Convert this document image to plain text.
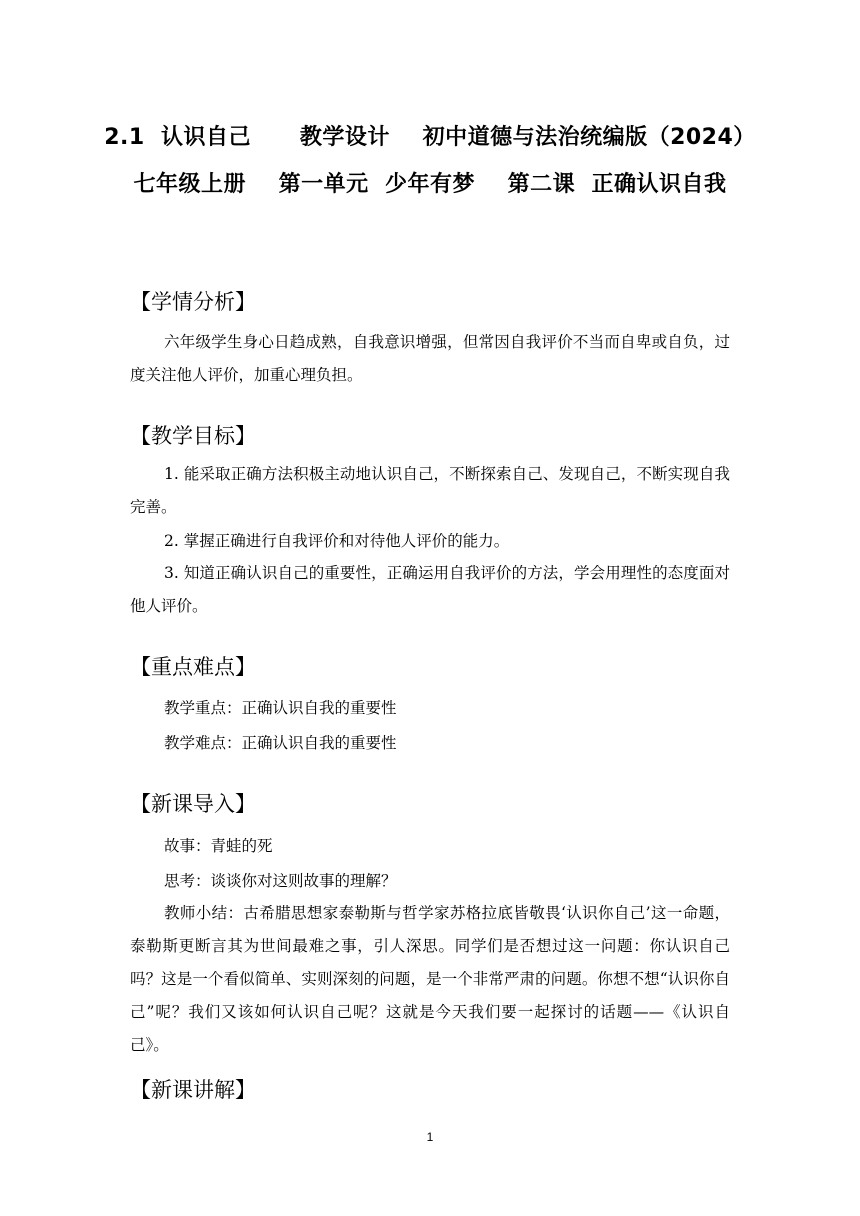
2.1  认识自己      教学设计    初中道德与法治统编版（2024）
七年级上册    第一单元  少年有梦    第二课  正确认识自我
【学情分析】
六年级学生身心日趋成熟，自我意识增强，但常因自我评价不当而自卑或自负，过度关注他人评价，加重心理负担。
【教学目标】
1. 能采取正确方法积极主动地认识自己，不断探索自己、发现自己，不断实现自我完善。
2. 掌握正确进行自我评价和对待他人评价的能力。
3. 知道正确认识自己的重要性，正确运用自我评价的方法，学会用理性的态度面对他人评价。
【重点难点】
教学重点：正确认识自我的重要性
教学难点：正确认识自我的重要性
【新课导入】
故事：青蛙的死
思考：谈谈你对这则故事的理解？
教师小结：古希腊思想家泰勒斯与哲学家苏格拉底皆敬畏‘认识你自己’这一命题，泰勒斯更断言其为世间最难之事，引人深思。同学们是否想过这一问题：你认识自己吗？这是一个看似简单、实则深刻的问题，是一个非常严肃的问题。你想不想“认识你自己”呢？我们又该如何认识自己呢？这就是今天我们要一起探讨的话题——《认识自己》。
【新课讲解】
1
